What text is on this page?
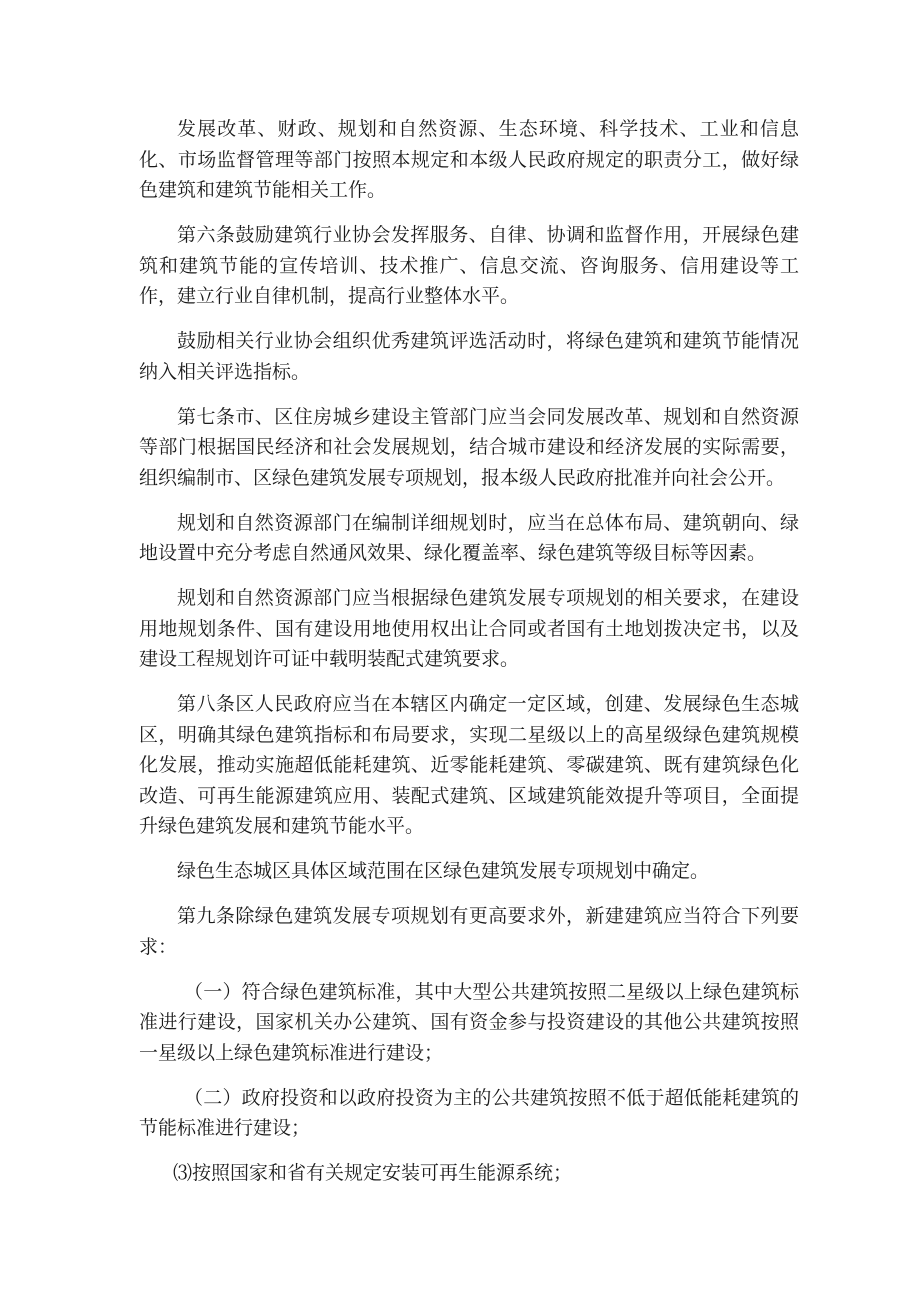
发展改革、财政、规划和自然资源、生态环境、科学技术、工业和信息化、市场监督管理等部门按照本规定和本级人民政府规定的职责分工，做好绿色建筑和建筑节能相关工作。

第六条鼓励建筑行业协会发挥服务、自律、协调和监督作用，开展绿色建筑和建筑节能的宣传培训、技术推广、信息交流、咨询服务、信用建设等工作，建立行业自律机制，提高行业整体水平。

鼓励相关行业协会组织优秀建筑评选活动时，将绿色建筑和建筑节能情况纳入相关评选指标。

第七条市、区住房城乡建设主管部门应当会同发展改革、规划和自然资源等部门根据国民经济和社会发展规划，结合城市建设和经济发展的实际需要，组织编制市、区绿色建筑发展专项规划，报本级人民政府批准并向社会公开。

规划和自然资源部门在编制详细规划时，应当在总体布局、建筑朝向、绿地设置中充分考虑自然通风效果、绿化覆盖率、绿色建筑等级目标等因素。

规划和自然资源部门应当根据绿色建筑发展专项规划的相关要求，在建设用地规划条件、国有建设用地使用权出让合同或者国有土地划拨决定书，以及建设工程规划许可证中载明装配式建筑要求。

第八条区人民政府应当在本辖区内确定一定区域，创建、发展绿色生态城区，明确其绿色建筑指标和布局要求，实现二星级以上的高星级绿色建筑规模化发展，推动实施超低能耗建筑、近零能耗建筑、零碳建筑、既有建筑绿色化改造、可再生能源建筑应用、装配式建筑、区域建筑能效提升等项目，全面提升绿色建筑发展和建筑节能水平。

绿色生态城区具体区域范围在区绿色建筑发展专项规划中确定。

第九条除绿色建筑发展专项规划有更高要求外，新建建筑应当符合下列要求：

（一）符合绿色建筑标准，其中大型公共建筑按照二星级以上绿色建筑标准进行建设，国家机关办公建筑、国有资金参与投资建设的其他公共建筑按照一星级以上绿色建筑标准进行建设；

（二）政府投资和以政府投资为主的公共建筑按照不低于超低能耗建筑的节能标准进行建设；

⑶按照国家和省有关规定安装可再生能源系统；
